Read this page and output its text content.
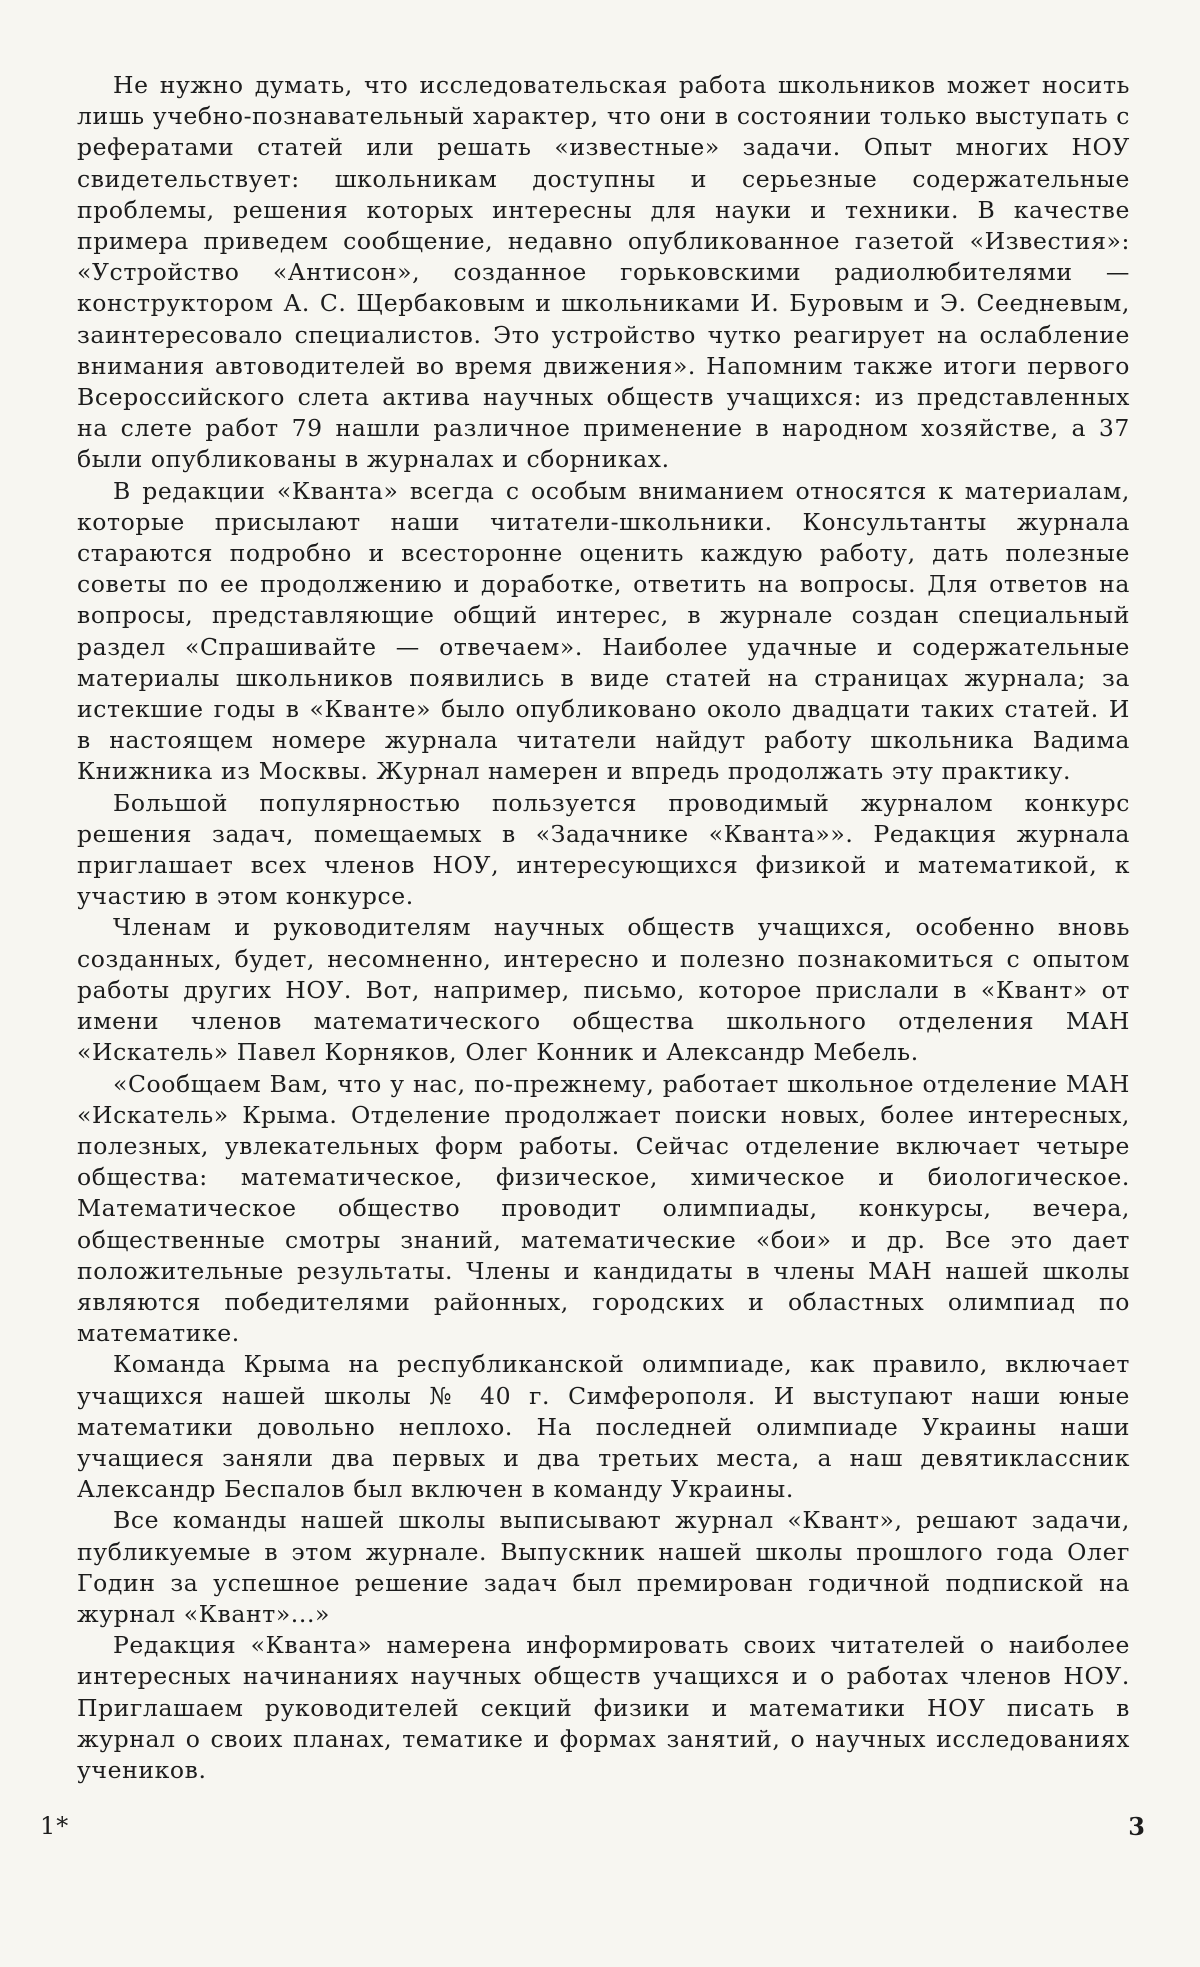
Не нужно думать, что исследовательская работа школьников может носить лишь учебно-познавательный характер, что они в состоянии только выступать с рефератами статей или решать «известные» задачи. Опыт многих НОУ свидетельствует: школьникам доступны и серьезные содержательные проблемы, решения которых интересны для науки и техники. В качестве примера приведем сообщение, недавно опубликованное газетой «Известия»: «Устройство «Антисон», созданное горьковскими радиолюбителями — конструктором А. С. Щербаковым и школьниками И. Буровым и Э. Сеедневым, заинтересовало специалистов. Это устройство чутко реагирует на ослабление внимания автоводителей во время движения». Напомним также итоги первого Всероссийского слета актива научных обществ учащихся: из представленных на слете работ 79 нашли различное применение в народном хозяйстве, а 37 были опубликованы в журналах и сборниках.

В редакции «Кванта» всегда с особым вниманием относятся к материалам, которые присылают наши читатели-школьники. Консультанты журнала стараются подробно и всесторонне оценить каждую работу, дать полезные советы по ее продолжению и доработке, ответить на вопросы. Для ответов на вопросы, представляющие общий интерес, в журнале создан специальный раздел «Спрашивайте — отвечаем». Наиболее удачные и содержательные материалы школьников появились в виде статей на страницах журнала; за истекшие годы в «Кванте» было опубликовано около двадцати таких статей. И в настоящем номере журнала читатели найдут работу школьника Вадима Книжника из Москвы. Журнал намерен и впредь продолжать эту практику.

Большой популярностью пользуется проводимый журналом конкурс решения задач, помещаемых в «Задачнике «Кванта»». Редакция журнала приглашает всех членов НОУ, интересующихся физикой и математикой, к участию в этом конкурсе.

Членам и руководителям научных обществ учащихся, особенно вновь созданных, будет, несомненно, интересно и полезно познакомиться с опытом работы других НОУ. Вот, например, письмо, которое прислали в «Квант» от имени членов математического общества школьного отделения МАН «Искатель» Павел Корняков, Олег Конник и Александр Мебель.

«Сообщаем Вам, что у нас, по-прежнему, работает школьное отделение МАН «Искатель» Крыма. Отделение продолжает поиски новых, более интересных, полезных, увлекательных форм работы. Сейчас отделение включает четыре общества: математическое, физическое, химическое и биологическое. Математическое общество проводит олимпиады, конкурсы, вечера, общественные смотры знаний, математические «бои» и др. Все это дает положительные результаты. Члены и кандидаты в члены МАН нашей школы являются победителями районных, городских и областных олимпиад по математике.

Команда Крыма на республиканской олимпиаде, как правило, включает учащихся нашей школы № 40 г. Симферополя. И выступают наши юные математики довольно неплохо. На последней олимпиаде Украины наши учащиеся заняли два первых и два третьих места, а наш девятиклассник Александр Беспалов был включен в команду Украины.

Все команды нашей школы выписывают журнал «Квант», решают задачи, публикуемые в этом журнале. Выпускник нашей школы прошлого года Олег Годин за успешное решение задач был премирован годичной подпиской на журнал «Квант»...»

Редакция «Кванта» намерена информировать своих читателей о наиболее интересных начинаниях научных обществ учащихся и о работах членов НОУ. Приглашаем руководителей секций физики и математики НОУ писать в журнал о своих планах, тематике и формах занятий, о научных исследованиях учеников.

1*	3
